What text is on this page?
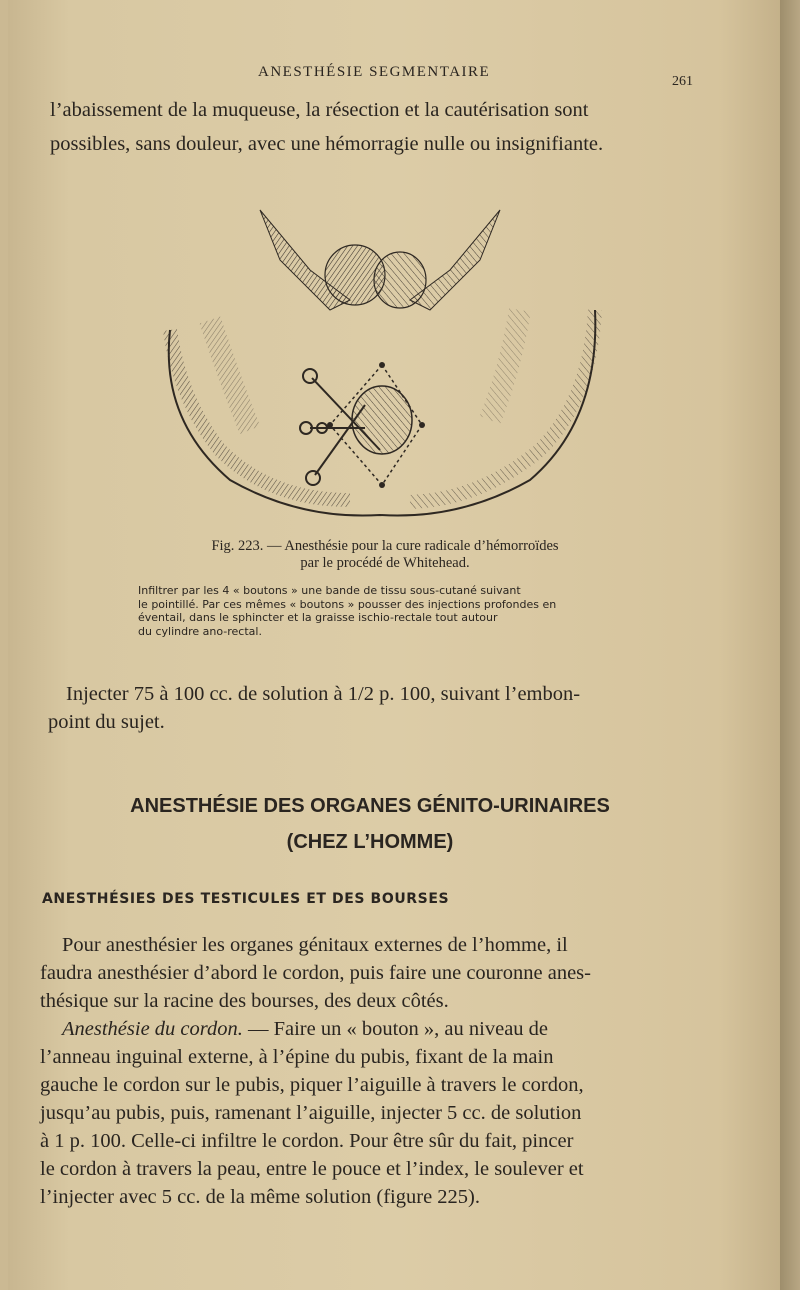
ANESTHÉSIE SEGMENTAIRE
261
l’abaissement de la muqueuse, la résection et la cautérisation sont
possibles, sans douleur, avec une hémorragie nulle ou insignifiante.
Fig. 223. — Anesthésie pour la cure radicale d’hémorroïdes
par le procédé de Whitehead.
Infiltrer par les 4 « boutons » une bande de tissu sous-cutané suivant
le pointillé. Par ces mêmes « boutons » pousser des injections profondes en
éventail, dans le sphincter et la graisse ischio-rectale tout autour
du cylindre ano-rectal.
Injecter 75 à 100 cc. de solution à 1/2 p. 100, suivant l’embon-
point du sujet.
ANESTHÉSIE DES ORGANES GÉNITO-URINAIRES
(CHEZ L’HOMME)
ANESTHÉSIES DES TESTICULES ET DES BOURSES
Pour anesthésier les organes génitaux externes de l’homme, il
faudra anesthésier d’abord le cordon, puis faire une couronne anes-
thésique sur la racine des bourses, des deux côtés.
Anesthésie du cordon. — Faire un « bouton », au niveau de
l’anneau inguinal externe, à l’épine du pubis, fixant de la main
gauche le cordon sur le pubis, piquer l’aiguille à travers le cordon,
jusqu’au pubis, puis, ramenant l’aiguille, injecter 5 cc. de solution
à 1 p. 100. Celle-ci infiltre le cordon. Pour être sûr du fait, pincer
le cordon à travers la peau, entre le pouce et l’index, le soulever et
l’injecter avec 5 cc. de la même solution (figure 225).
